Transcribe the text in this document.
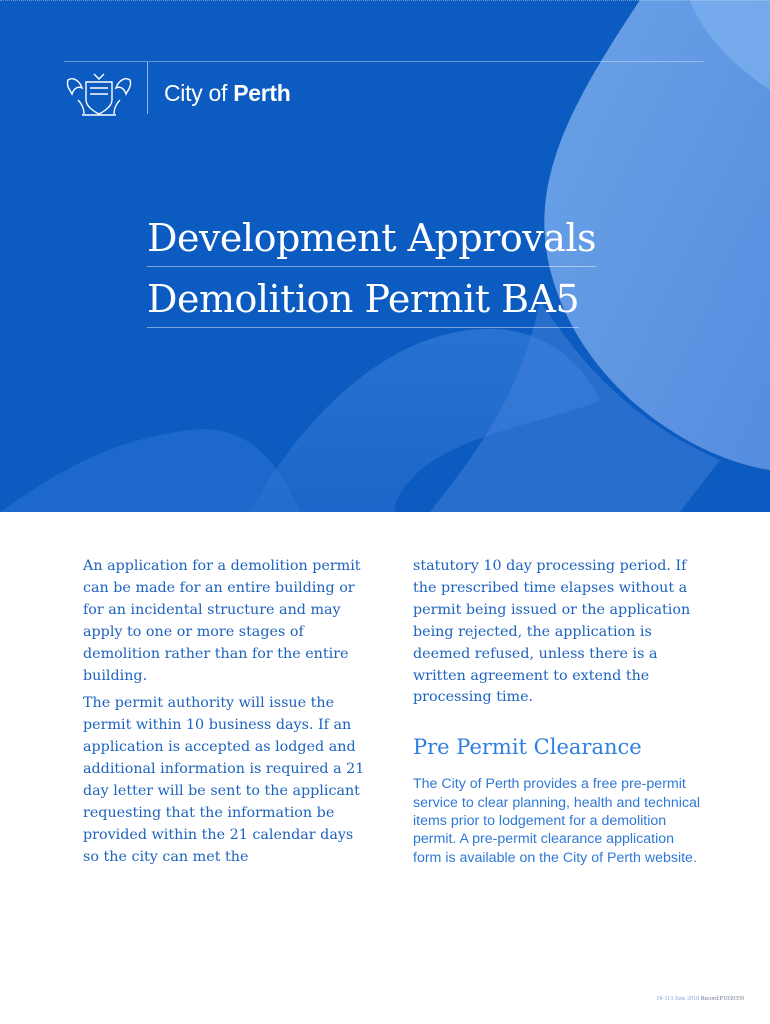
City of Perth
Development Approvals
Demolition Permit BA5

An application for a demolition permit can be made for an entire building or for an incidental structure and may apply to one or more stages of demolition rather than for the entire building.

The permit authority will issue the permit within 10 business days. If an application is accepted as lodged and additional information is required a 21 day letter will be sent to the applicant requesting that the information be provided within the 21 calendar days so the city can met the

statutory 10 day processing period. If the prescribed time elapses without a permit being issued or the application being rejected, the application is deemed refused, unless there is a written agreement to extend the processing time.

Pre Permit Clearance

The City of Perth provides a free pre-permit service to clear planning, health and technical items prior to lodgement for a demolition permit. A pre-permit clearance application form is available on the City of Perth website.

18-113 June 2018 Record:P1030359
